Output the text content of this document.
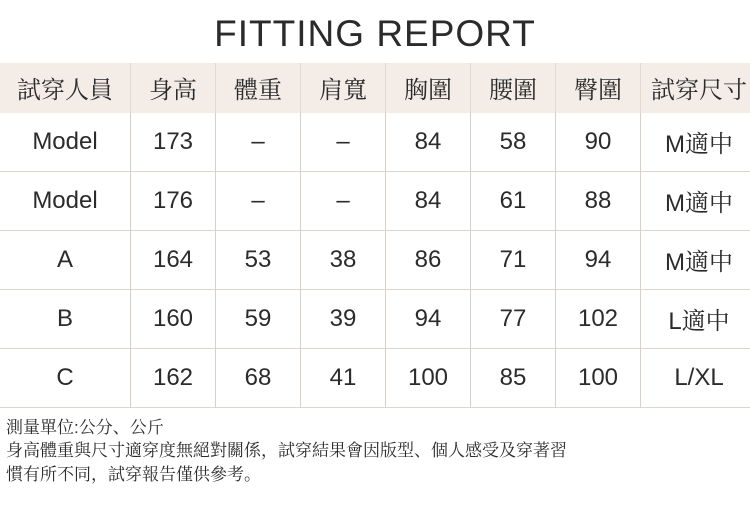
FITTING REPORT
試穿人員	身高	體重	肩寬	胸圍	腰圍	臀圍	試穿尺寸
Model	173	–	–	84	58	90	M適中
Model	176	–	–	84	61	88	M適中
A	164	53	38	86	71	94	M適中
B	160	59	39	94	77	102	L適中
C	162	68	41	100	85	100	L/XL
測量單位:公分、公斤
身高體重與尺寸適穿度無絕對關係，試穿結果會因版型、個人感受及穿著習
慣有所不同，試穿報告僅供參考。
